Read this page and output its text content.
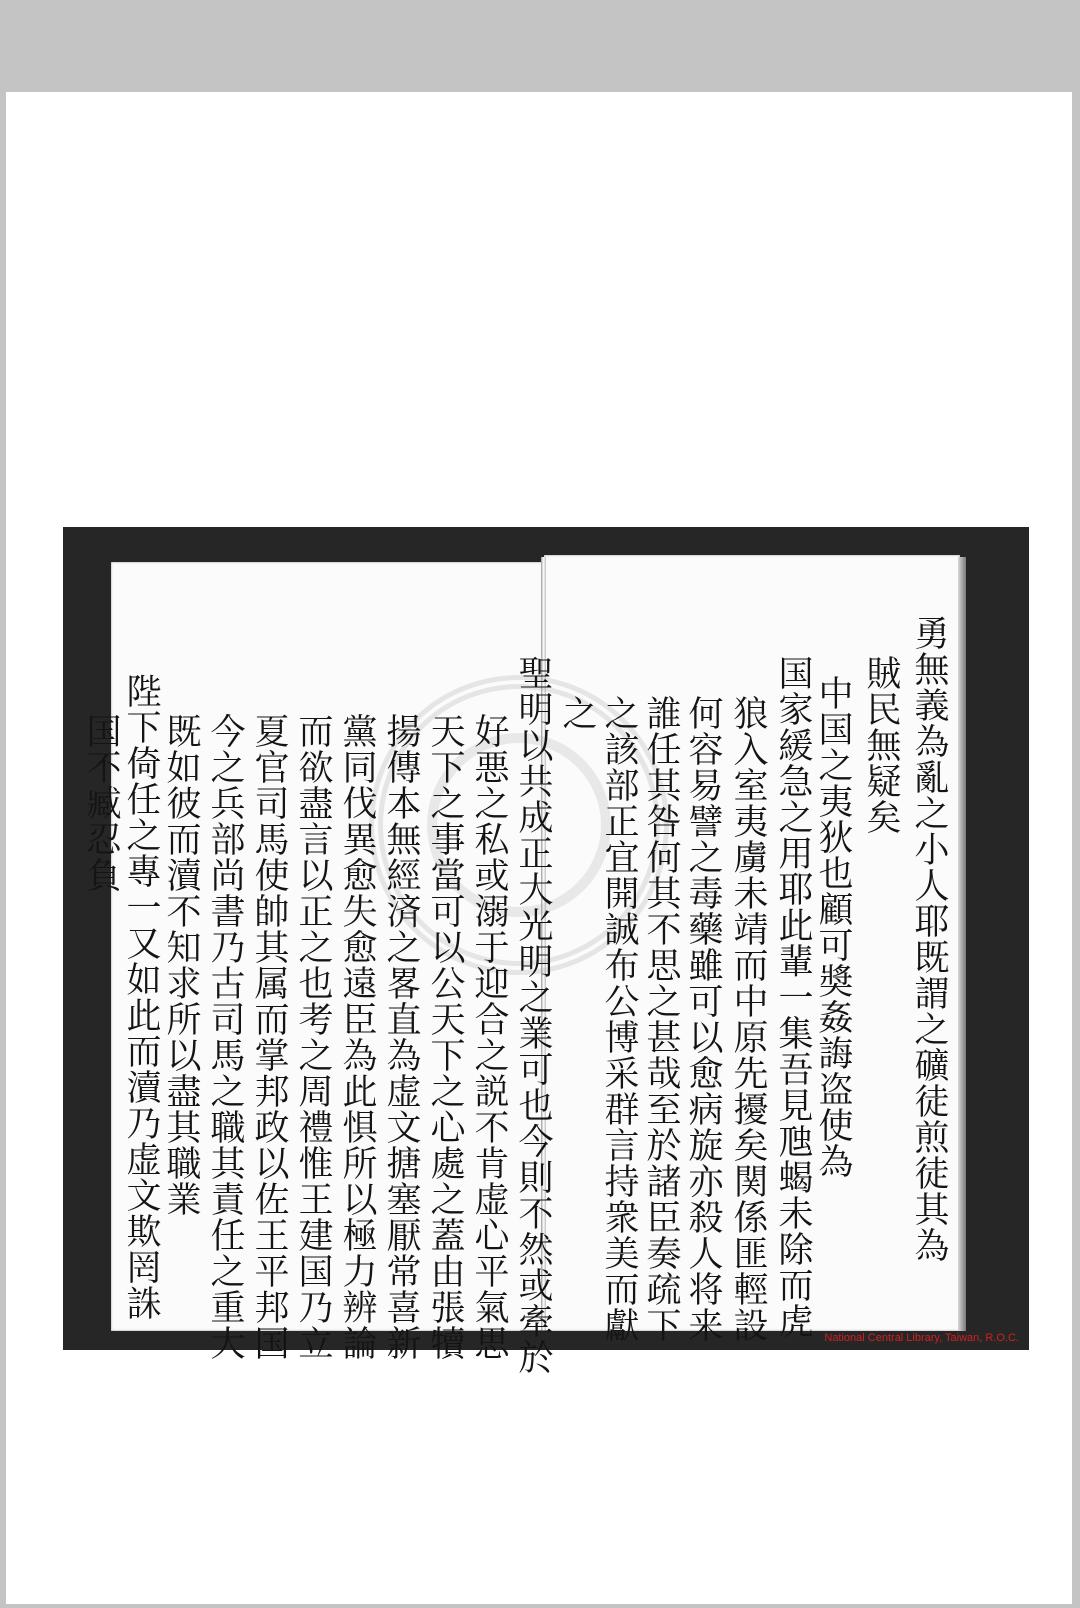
勇無義為亂之小人耶既謂之礦徒煎徒其為
賊民無疑矣
中国之夷狄也顧可奬姦誨盗使為
国家緩急之用耶此輩一集吾見虺蝎未除而虎
狼入室夷虜未靖而中原先擾矣関係匪輕設
何容易譬之毒藥雖可以愈病旋亦殺人将来
誰任其咎何其不思之甚哉至於諸臣奏疏下
之該部正宜開誠布公博采群言持衆美而獻
之
聖明以共成正大光明之業可也今則不然或牽於
好悪之私或溺于迎合之説不肯虚心平氣思
天下之事當可以公天下之心處之蓋由張犢
揚傳本無經済之畧直為虚文搪塞厭常喜新
黨同伐異愈失愈遠臣為此惧所以極力辨論
而欲盡言以正之也考之周禮惟王建国乃立
夏官司馬使帥其属而掌邦政以佐王平邦国
今之兵部尚書乃古司馬之職其責任之重大
既如彼而瀆不知求所以盡其職業
陛下倚任之專一又如此而瀆乃虚文欺罔誅
国不臧忍負
National Central Library, Taiwan, R.O.C.
